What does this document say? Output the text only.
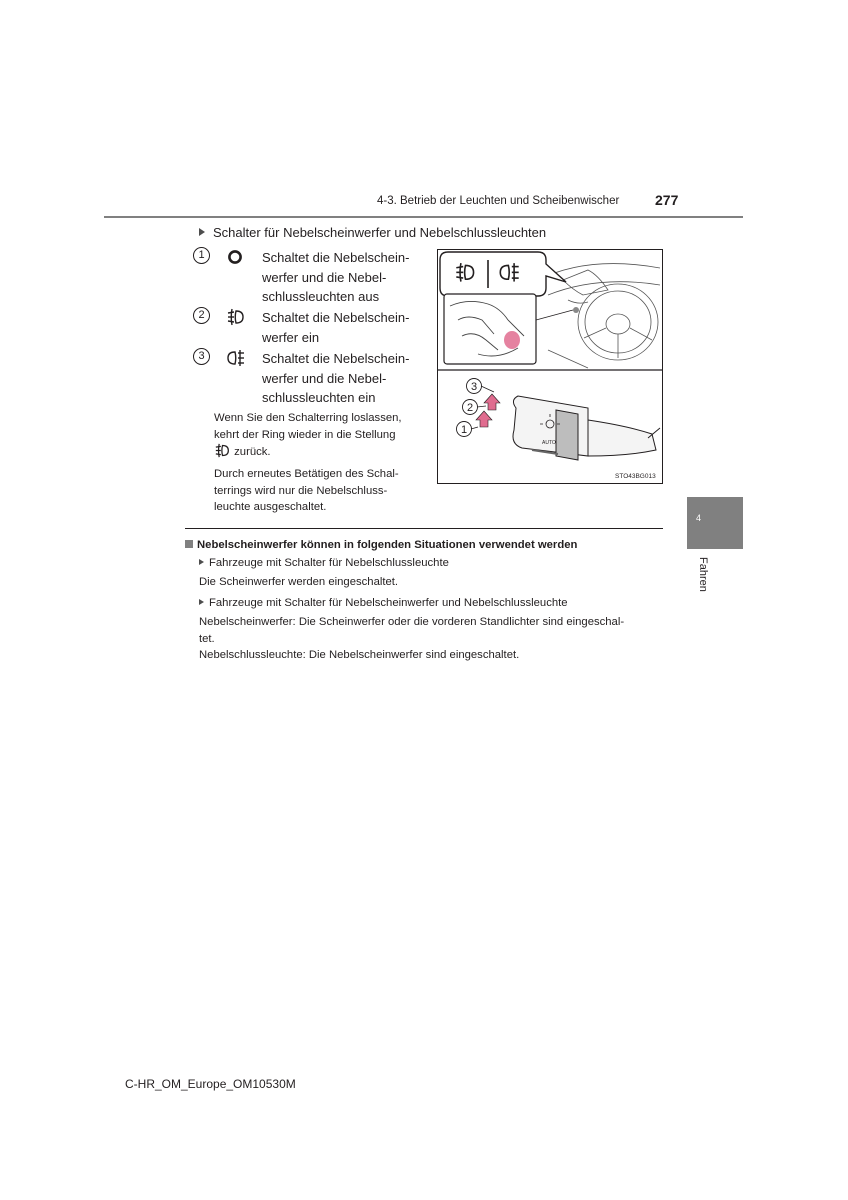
4-3. Betrieb der Leuchten und Scheibenwischer	277
Schalter für Nebelscheinwerfer und Nebelschlussleuchten
1	Schaltet die Nebelschein-
werfer und die Nebel-
schlussleuchten aus
2	Schaltet die Nebelschein-
werfer ein
3	Schaltet die Nebelschein-
werfer und die Nebel-
schlussleuchten ein
Wenn Sie den Schalterring loslassen,
kehrt der Ring wieder in die Stellung
zurück.
Durch erneutes Betätigen des Schal-
terrings wird nur die Nebelschluss-
leuchte ausgeschaltet.
AUTO
1
2
3
STO43BG013
Nebelscheinwerfer können in folgenden Situationen verwendet werden
Fahrzeuge mit Schalter für Nebelschlussleuchte
Die Scheinwerfer werden eingeschaltet.
Fahrzeuge mit Schalter für Nebelscheinwerfer und Nebelschlussleuchte
Nebelscheinwerfer: Die Scheinwerfer oder die vorderen Standlichter sind eingeschal-
tet.
Nebelschlussleuchte: Die Nebelscheinwerfer sind eingeschaltet.
4
Fahren
C-HR_OM_Europe_OM10530M
